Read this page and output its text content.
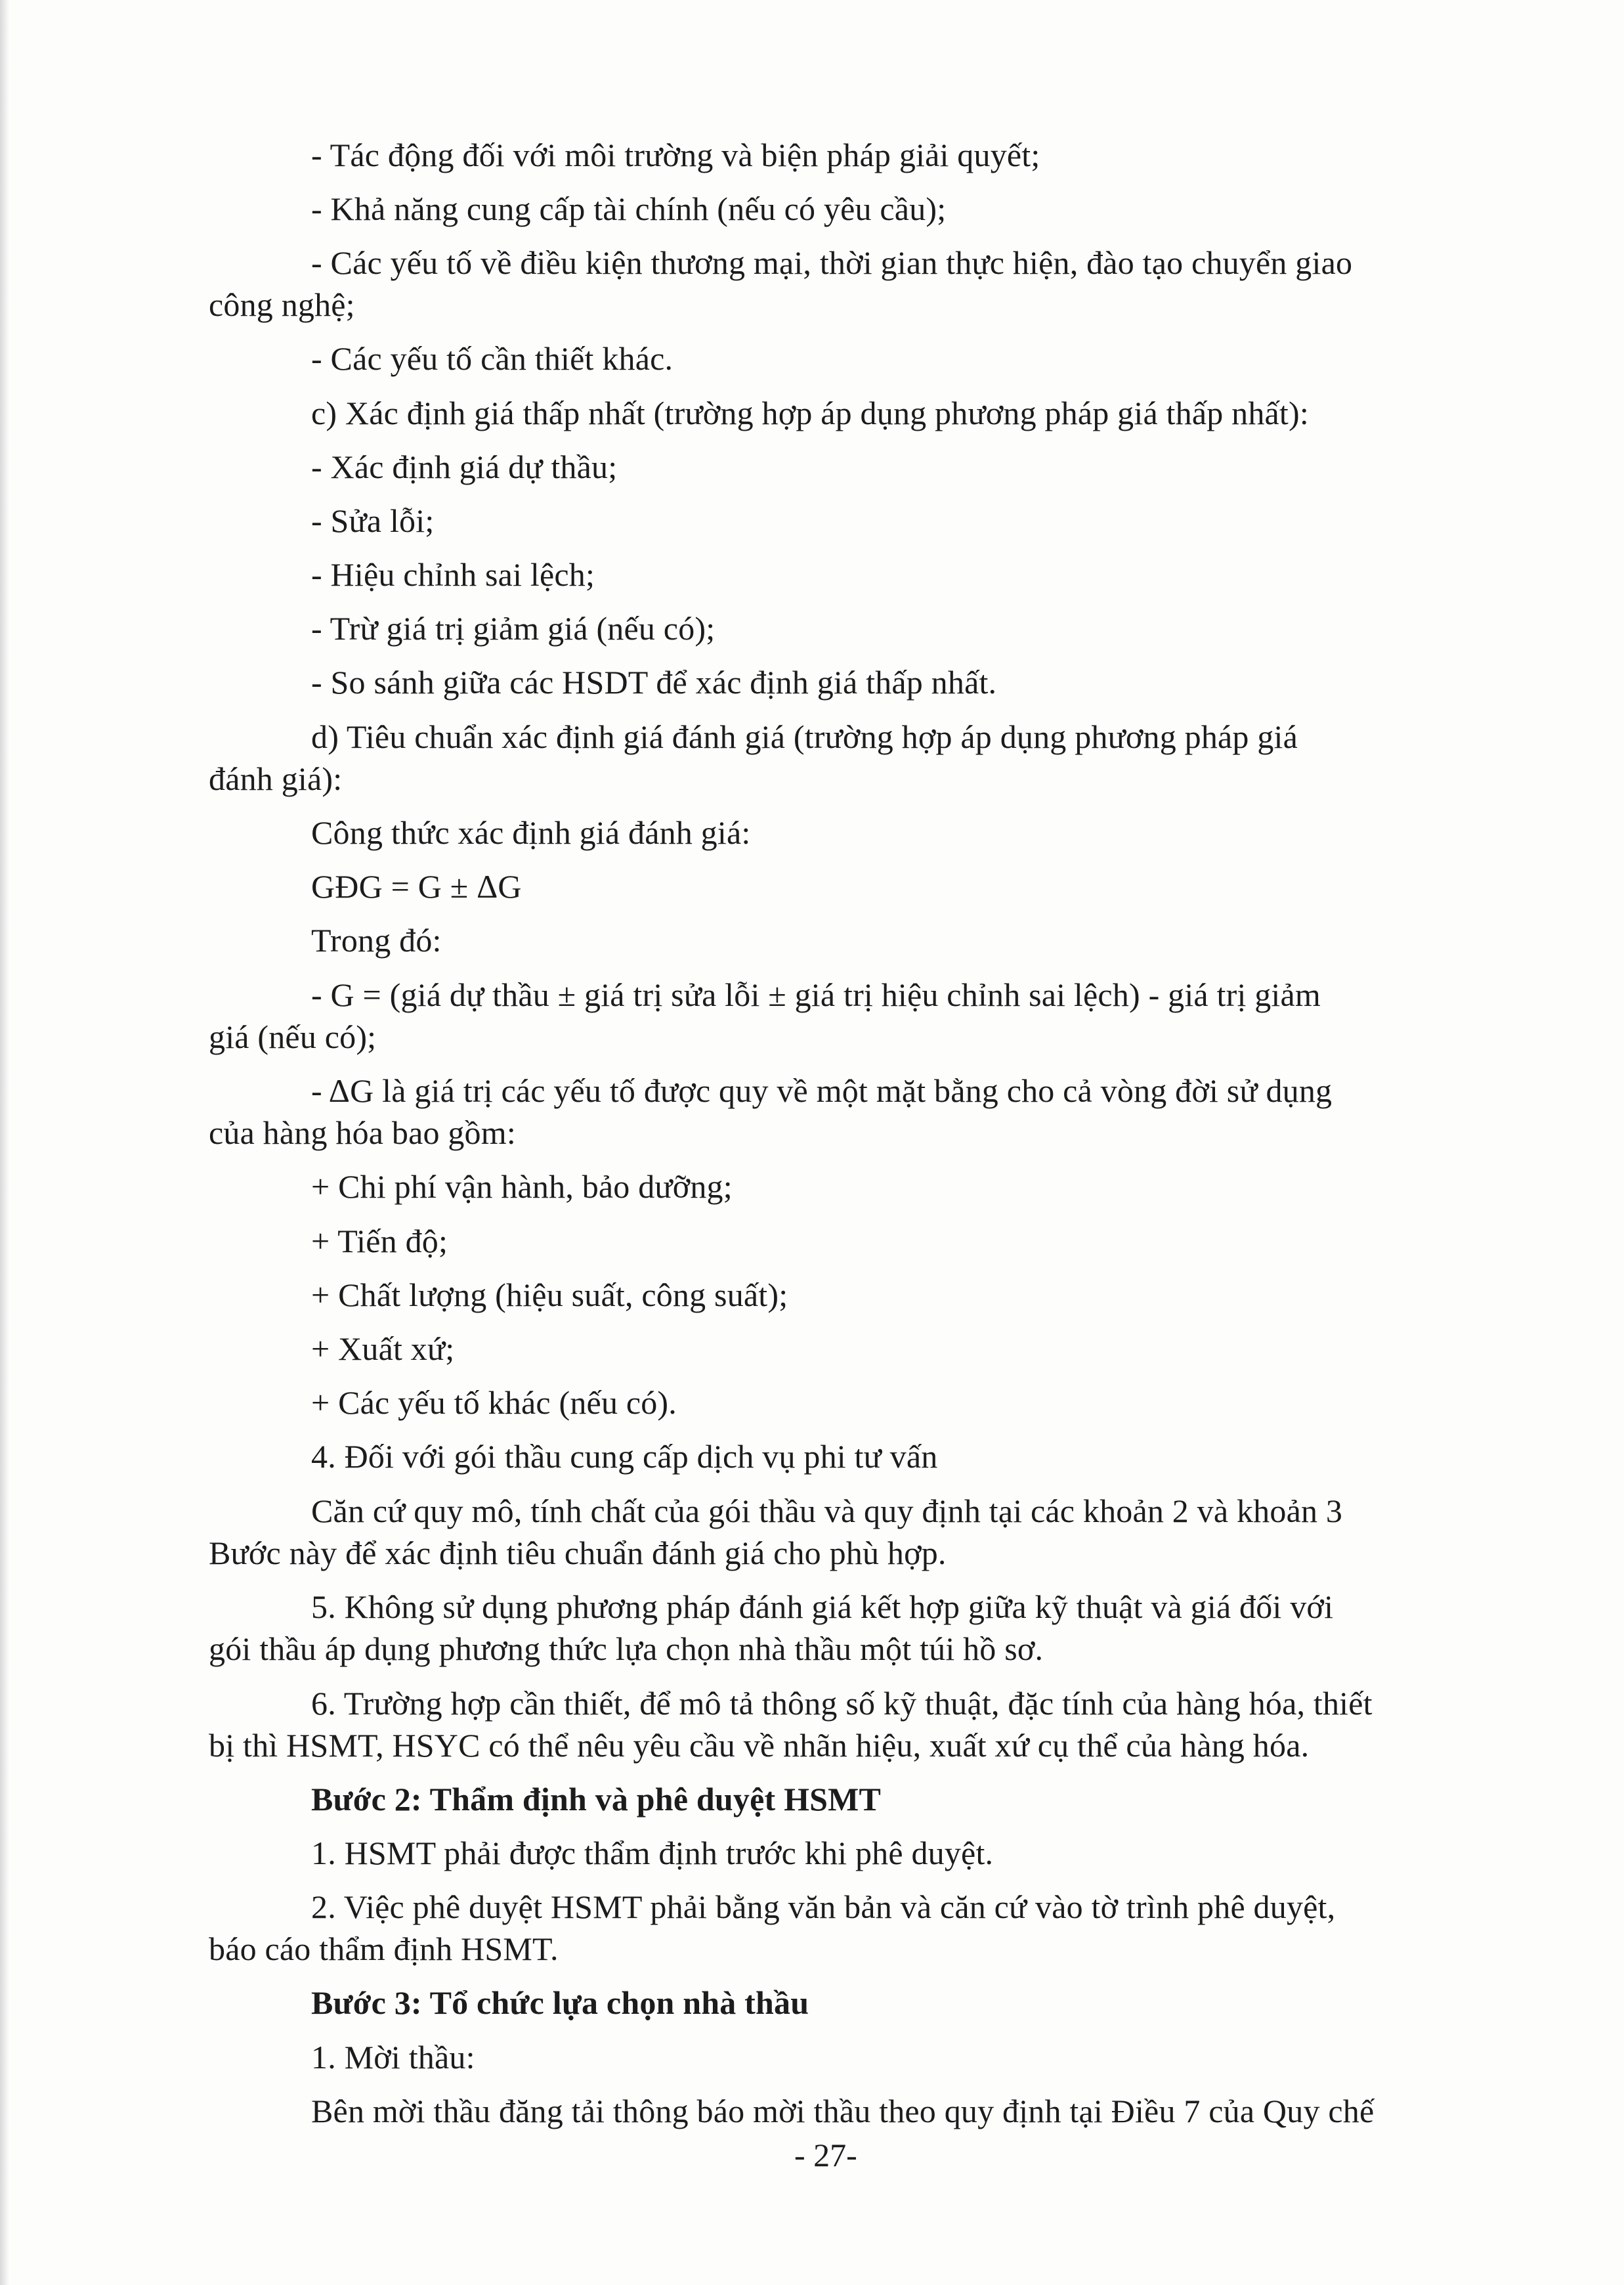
- Tác động đối với môi trường và biện pháp giải quyết;
- Khả năng cung cấp tài chính (nếu có yêu cầu);
- Các yếu tố về điều kiện thương mại, thời gian thực hiện, đào tạo chuyển giao
công nghệ;
- Các yếu tố cần thiết khác.
c) Xác định giá thấp nhất (trường hợp áp dụng phương pháp giá thấp nhất):
- Xác định giá dự thầu;
- Sửa lỗi;
- Hiệu chỉnh sai lệch;
- Trừ giá trị giảm giá (nếu có);
- So sánh giữa các HSDT để xác định giá thấp nhất.
d) Tiêu chuẩn xác định giá đánh giá (trường hợp áp dụng phương pháp giá
đánh giá):
Công thức xác định giá đánh giá:
GĐG = G ± ΔG
Trong đó:
- G = (giá dự thầu ± giá trị sửa lỗi ± giá trị hiệu chỉnh sai lệch) - giá trị giảm
giá (nếu có);
- ΔG là giá trị các yếu tố được quy về một mặt bằng cho cả vòng đời sử dụng
của hàng hóa bao gồm:
+ Chi phí vận hành, bảo dưỡng;
+ Tiến độ;
+ Chất lượng (hiệu suất, công suất);
+ Xuất xứ;
+ Các yếu tố khác (nếu có).
4. Đối với gói thầu cung cấp dịch vụ phi tư vấn
Căn cứ quy mô, tính chất của gói thầu và quy định tại các khoản 2 và khoản 3
Bước này để xác định tiêu chuẩn đánh giá cho phù hợp.
5. Không sử dụng phương pháp đánh giá kết hợp giữa kỹ thuật và giá đối với
gói thầu áp dụng phương thức lựa chọn nhà thầu một túi hồ sơ.
6. Trường hợp cần thiết, để mô tả thông số kỹ thuật, đặc tính của hàng hóa, thiết
bị thì HSMT, HSYC có thể nêu yêu cầu về nhãn hiệu, xuất xứ cụ thể của hàng hóa.
Bước 2: Thẩm định và phê duyệt HSMT
1. HSMT phải được thẩm định trước khi phê duyệt.
2. Việc phê duyệt HSMT phải bằng văn bản và căn cứ vào tờ trình phê duyệt,
báo cáo thẩm định HSMT.
Bước 3: Tổ chức lựa chọn nhà thầu
1. Mời thầu:
Bên mời thầu đăng tải thông báo mời thầu theo quy định tại Điều 7 của Quy chế
- 27-
